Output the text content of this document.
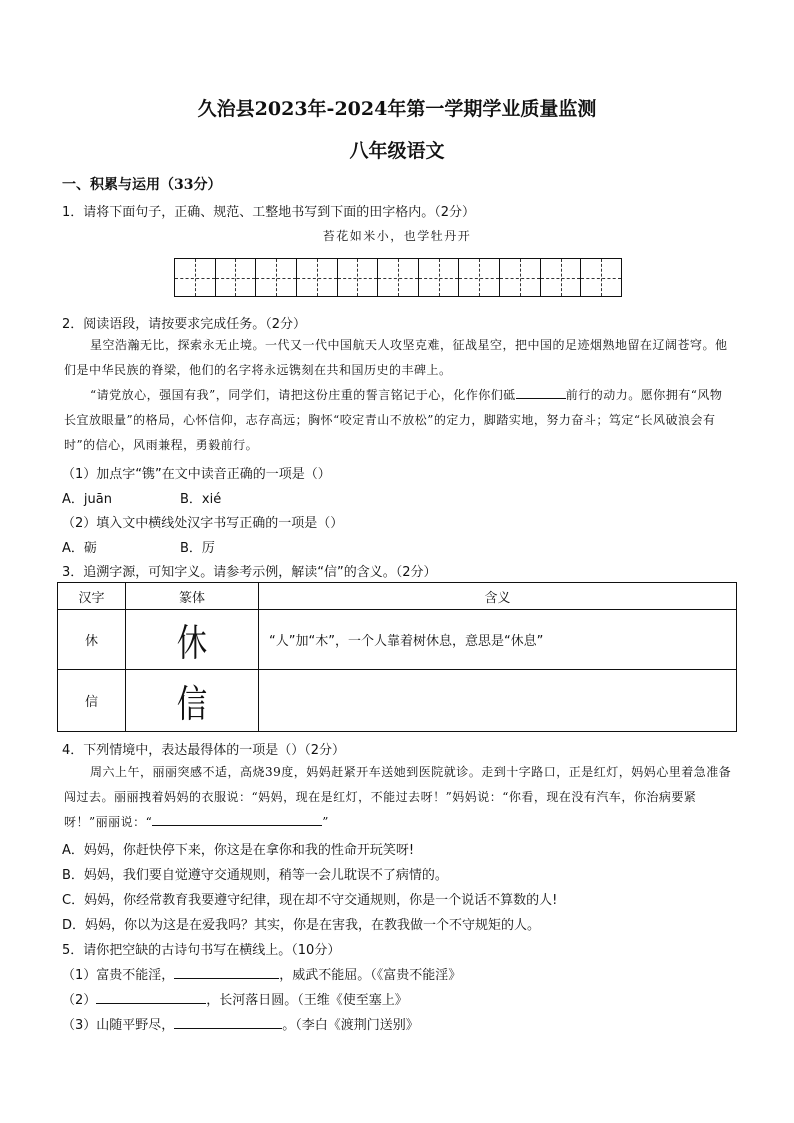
久治县2023年-2024年第一学期学业质量监测
八年级语文
一、积累与运用（33分）
1．请将下面句子，正确、规范、工整地书写到下面的田字格内。（2分）
苔花如米小，也学牡丹开
2．阅读语段，请按要求完成任务。（2分）
星空浩瀚无比，探索永无止境。一代又一代中国航天人攻坚克难，征战星空，把中国的足迹烟熟地留在辽阔苍穹。他们是中华民族的脊梁，他们的名字将永远镌刻在共和国历史的丰碑上。
“请党放心，强国有我”，同学们，请把这份庄重的誓言铭记于心，化作你们砥	前行的动力。愿你拥有“风物长宜放眼量”的格局，心怀信仰，志存高远；胸怀“咬定青山不放松”的定力，脚踏实地，努力奋斗；笃定“长风破浪会有时”的信心，风雨兼程，勇毅前行。
（1）加点字“镌”在文中读音正确的一项是（）
A．juān	B．xié
（2）填入文中横线处汉字书写正确的一项是（）
A．砺	B．厉
3．追溯字源，可知字义。请参考示例，解读“信”的含义。（2分）
汉字	篆体	含义
休	休	“人”加“木”，一个人靠着树休息，意思是“休息”
信	信	
4．下列情境中，表达最得体的一项是（）（2分）
周六上午，丽丽突感不适，高烧39度，妈妈赶紧开车送她到医院就诊。走到十字路口，正是红灯，妈妈心里着急准备闯过去。丽丽拽着妈妈的衣服说：“妈妈，现在是红灯，不能过去呀！”妈妈说：“你看，现在没有汽车，你治病要紧呀！”丽丽说：“	”
A．妈妈，你赶快停下来，你这是在拿你和我的性命开玩笑呀!
B．妈妈，我们要自觉遵守交通规则，稍等一会儿耽误不了病情的。
C．妈妈，你经常教育我要遵守纪律，现在却不守交通规则，你是一个说话不算数的人!
D．妈妈，你以为这是在爱我吗？其实，你是在害我，在教我做一个不守规矩的人。
5．请你把空缺的古诗句书写在横线上。（10分）
（1）富贵不能淫，	，威武不能屈。（《富贵不能淫》
（2）	，长河落日圆。（王维《使至塞上》
（3）山随平野尽，	。（李白《渡荆门送别》
